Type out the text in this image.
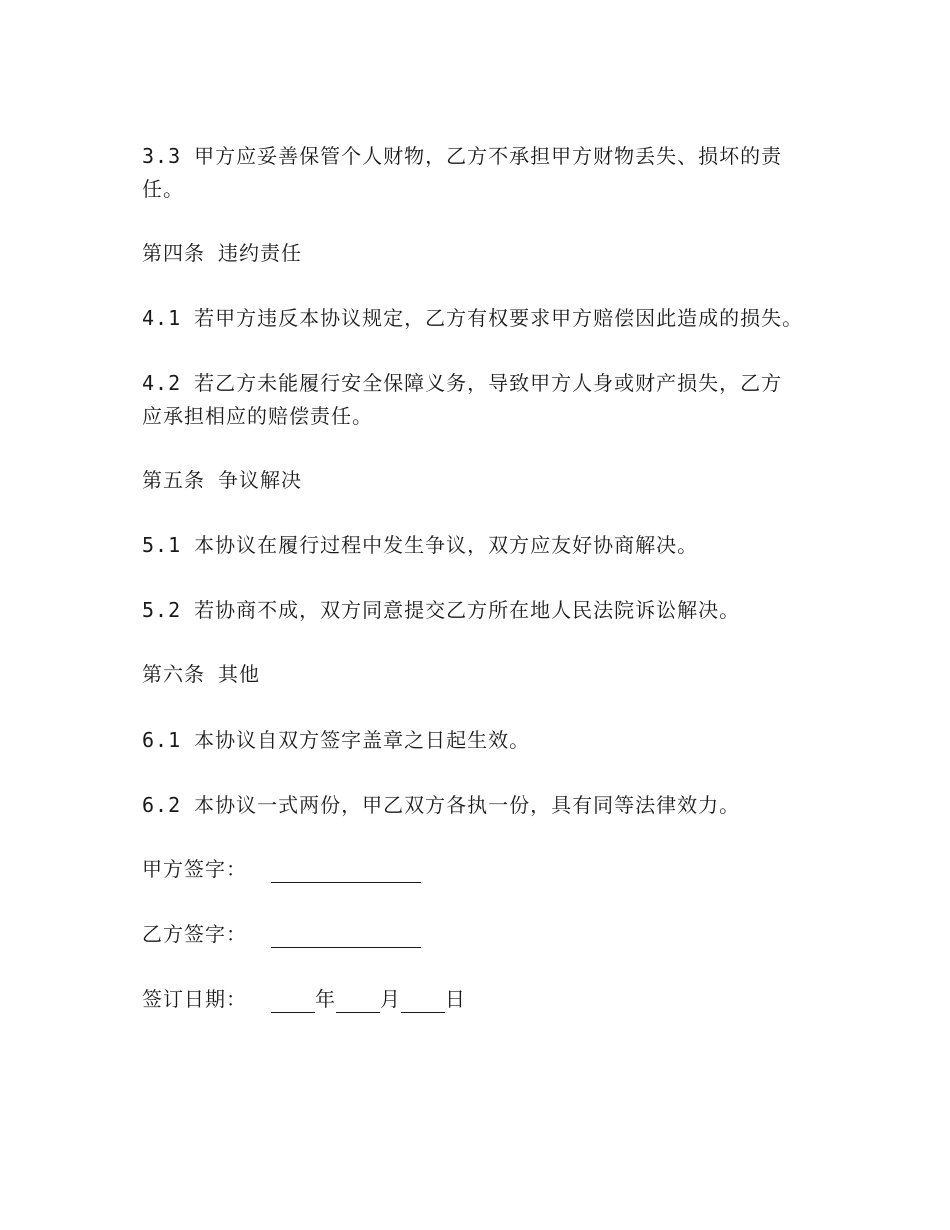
3.3 甲方应妥善保管个人财物，乙方不承担甲方财物丢失、损坏的责
任。
第四条 违约责任
4.1 若甲方违反本协议规定，乙方有权要求甲方赔偿因此造成的损失。
4.2 若乙方未能履行安全保障义务，导致甲方人身或财产损失，乙方
应承担相应的赔偿责任。
第五条 争议解决
5.1 本协议在履行过程中发生争议，双方应友好协商解决。
5.2 若协商不成，双方同意提交乙方所在地人民法院诉讼解决。
第六条 其他
6.1 本协议自双方签字盖章之日起生效。
6.2 本协议一式两份，甲乙双方各执一份，具有同等法律效力。
甲方签字：
乙方签字：
签订日期：	年 月 日
